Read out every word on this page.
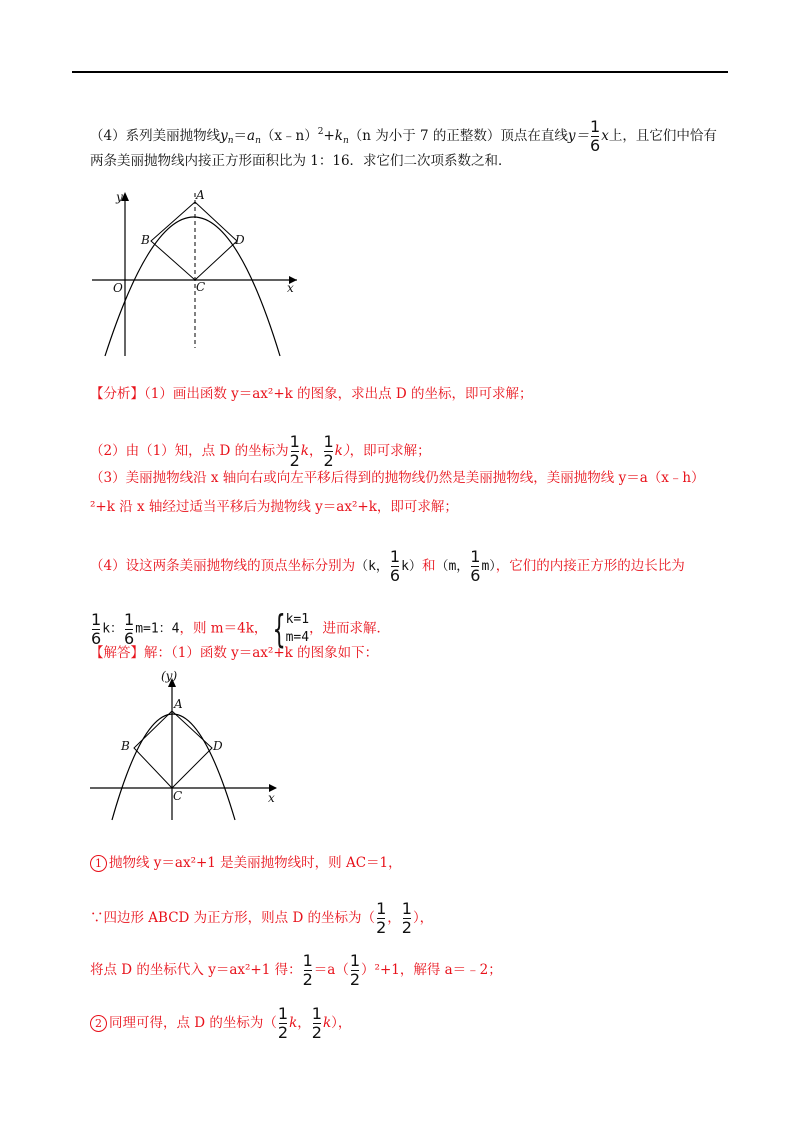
（4）系列美丽抛物线$y_n=a_n(x﹣n)^2+k_n(n$ 为小于 7 的正整数）顶点在直线$y= \frac{1}{6}$ x上，且它们中恰有
两条美丽抛物线内接正方形面积比为 1：16．求它们二次项系数之和．
y	A
B	D
O	C	x
【分析】（1）画出函数 y＝ax²+k 的图象，求出点 D 的坐标，即可求解；
（2）由（1）知，点 D 的坐标为 $\frac{1}{2}$ k， $\frac{1}{2} k$），即可求解；
（3）美丽抛物线沿 x 轴向右或向左平移后得到的抛物线仍然是美丽抛物线，美丽抛物线 y＝a（x﹣h）
²+k 沿 x 轴经过适当平移后为抛物线 y＝ax²+k，即可求解；
（4）设这两条美丽抛物线的顶点坐标分别为（k， $\frac{1}{6} k$）和（m， $\frac{1}{6} m$），它们的内接正方形的边长比为
$\frac{1}{6}$ k： $\frac{1}{6} m=1$：4，则 m＝4k， { k=1
m=4
，进而求解．
【解答】解：（1）函数 y＝ax²+k 的图象如下：
(y)
A
B	D
C	x
1 抛物线 y＝ax²+1 是美丽抛物线时，则 AC＝1，
∵四边形 ABCD 为正方形，则点 D 的坐标为（ $\frac{1}{2}$ ， $\frac{1}{2}$ ），
将点 D 的坐标代入 y＝ax²+1 得： $\frac{1}{2} =a( \frac{1}{2} )^2+1$，解得 a＝﹣2；
2 同理可得，点 D 的坐标为（ $\frac{1}{2}$ k， $\frac{1}{2} k$），
